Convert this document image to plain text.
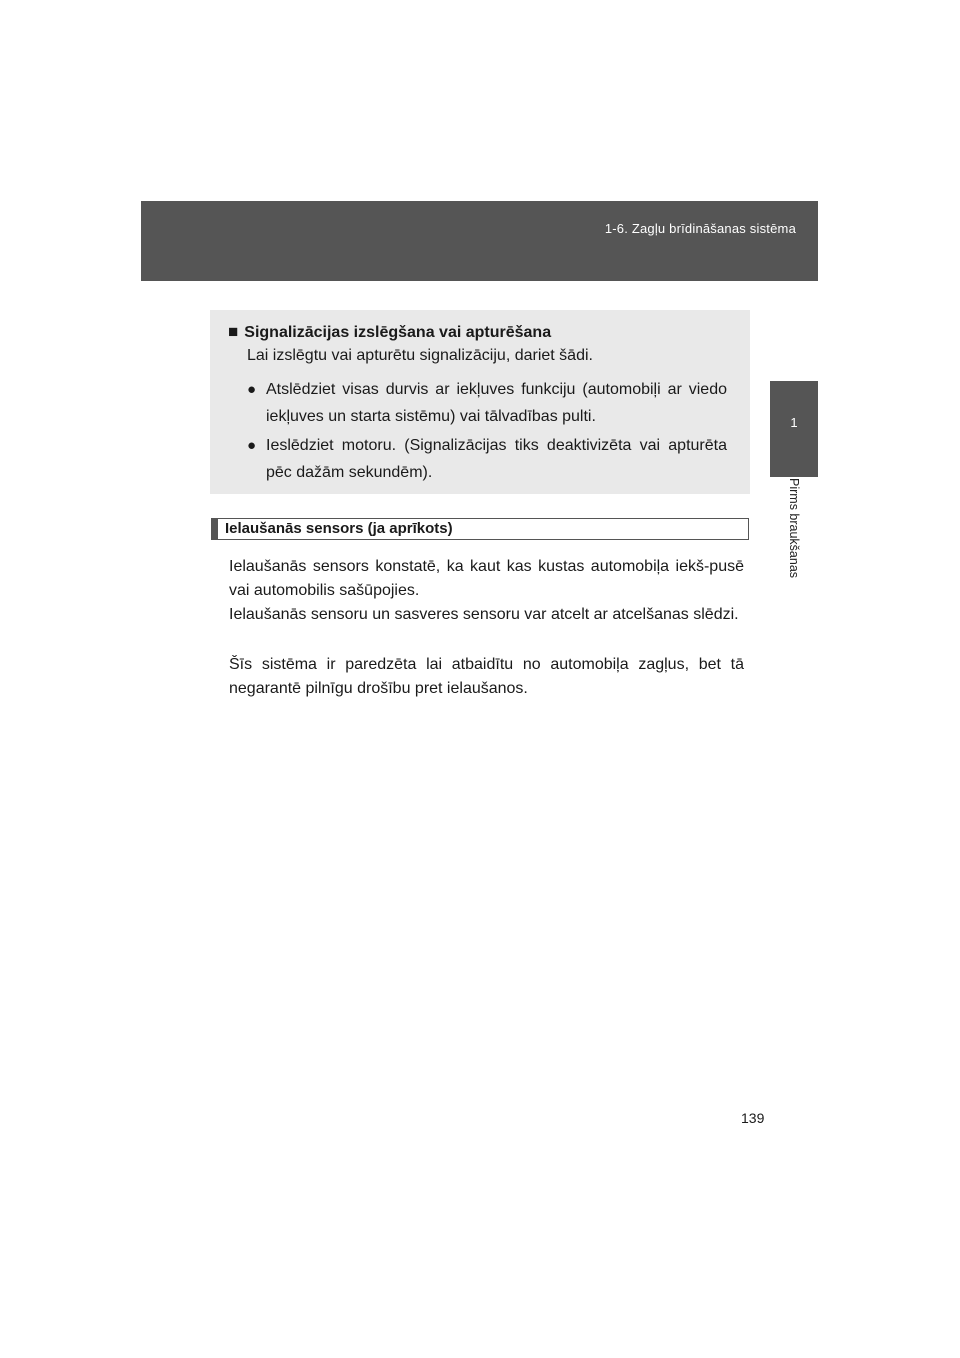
1-6. Zagļu brīdināšanas sistēma
1
Pirms braukšanas
■ Signalizācijas izslēgšana vai apturēšana
Lai izslēgtu vai apturētu signalizāciju, dariet šādi.
● Atslēdziet visas durvis ar iekļuves funkciju (automobiļi ar viedo iekļuves un starta sistēmu) vai tālvadības pulti.
● Ieslēdziet motoru. (Signalizācijas tiks deaktivizēta vai apturēta pēc dažām sekundēm).
Ielaušanās sensors (ja aprīkots)
Ielaušanās sensors konstatē, ka kaut kas kustas automobiļa iekš-pusē vai automobilis sašūpojies.
Ielaušanās sensoru un sasveres sensoru var atcelt ar atcelšanas slēdzi.
Šīs sistēma ir paredzēta lai atbaidītu no automobiļa zagļus, bet tā negarantē pilnīgu drošību pret ielaušanos.
139
